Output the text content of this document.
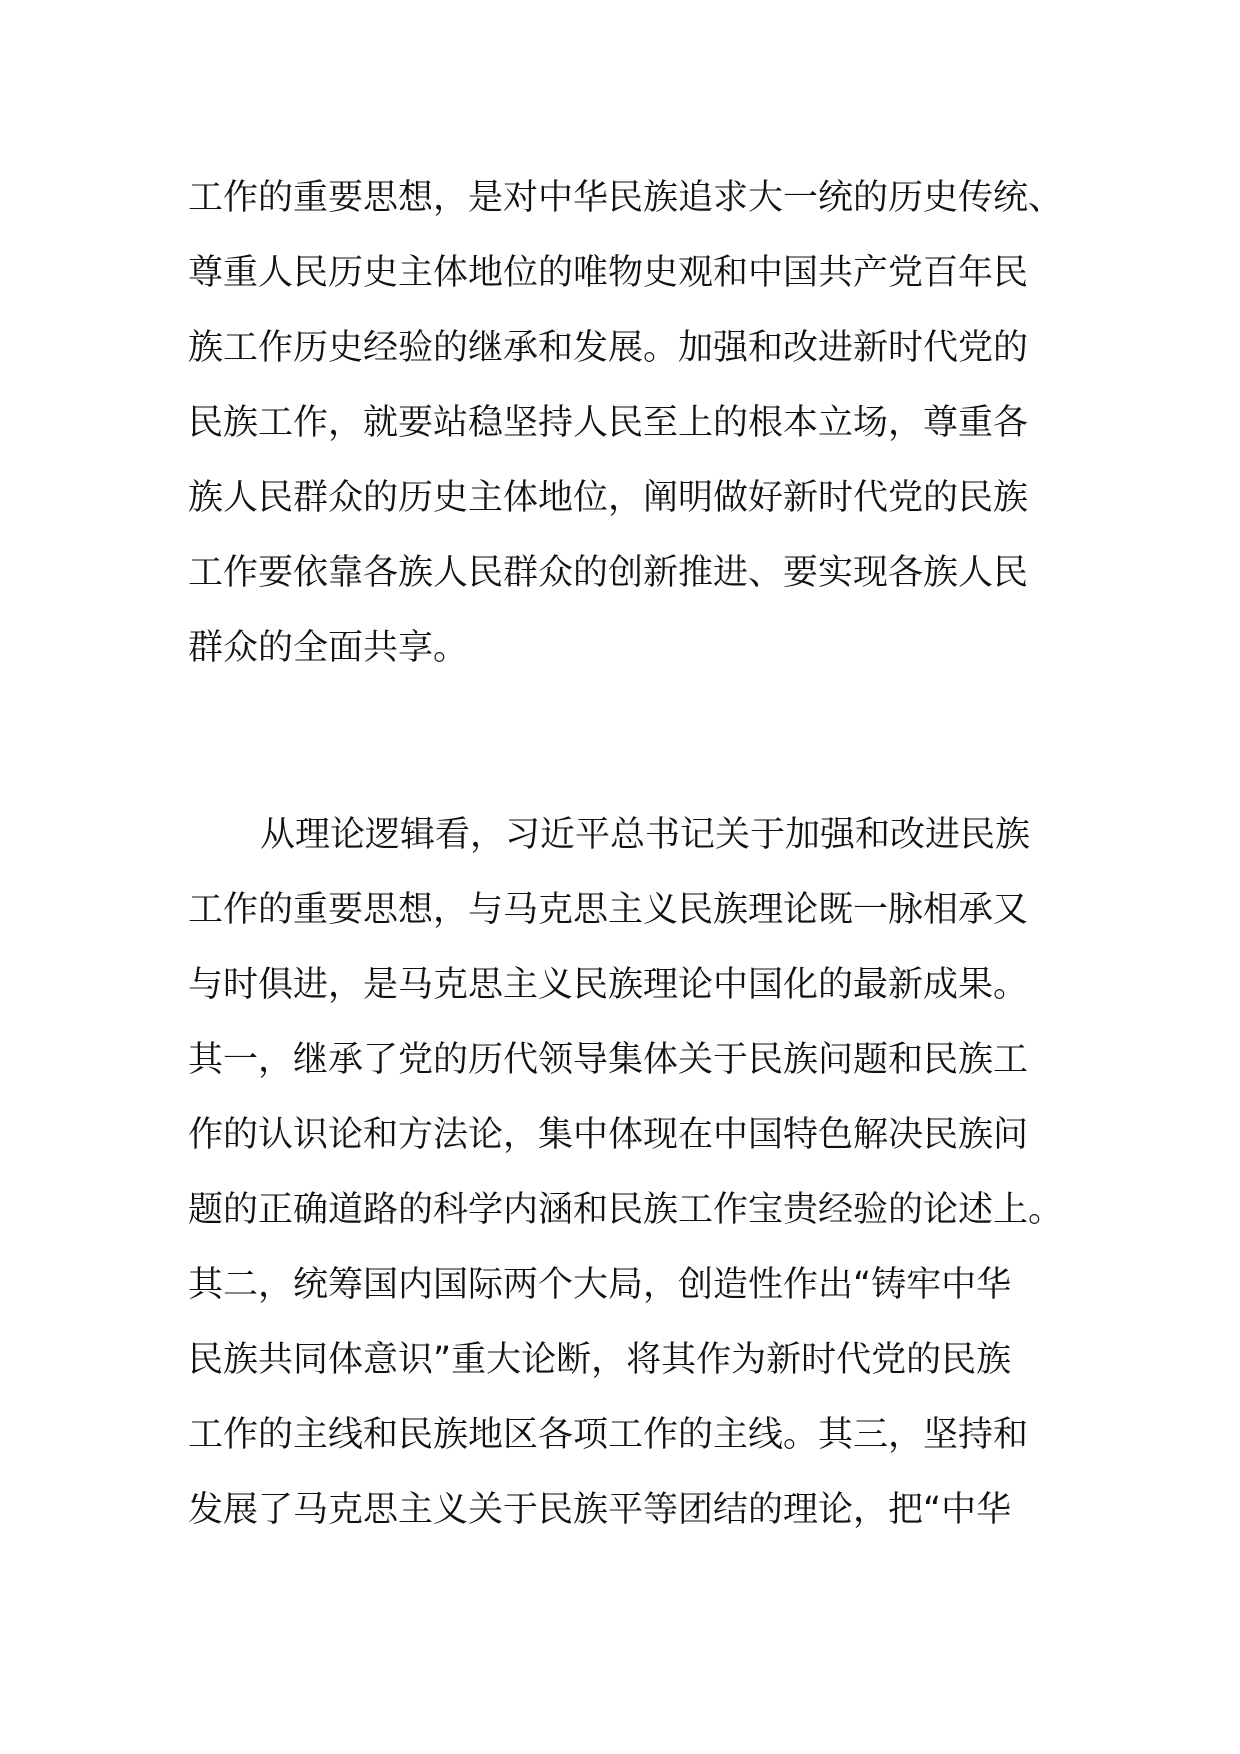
工作的重要思想，是对中华民族追求大一统的历史传统、
尊重人民历史主体地位的唯物史观和中国共产党百年民
族工作历史经验的继承和发展。加强和改进新时代党的
民族工作，就要站稳坚持人民至上的根本立场，尊重各
族人民群众的历史主体地位，阐明做好新时代党的民族
工作要依靠各族人民群众的创新推进、要实现各族人民
群众的全面共享。
从理论逻辑看，习近平总书记关于加强和改进民族
工作的重要思想，与马克思主义民族理论既一脉相承又
与时俱进，是马克思主义民族理论中国化的最新成果。
其一，继承了党的历代领导集体关于民族问题和民族工
作的认识论和方法论，集中体现在中国特色解决民族问
题的正确道路的科学内涵和民族工作宝贵经验的论述上。
其二，统筹国内国际两个大局，创造性作出“铸牢中华
民族共同体意识”重大论断，将其作为新时代党的民族
工作的主线和民族地区各项工作的主线。其三，坚持和
发展了马克思主义关于民族平等团结的理论，把“中华
